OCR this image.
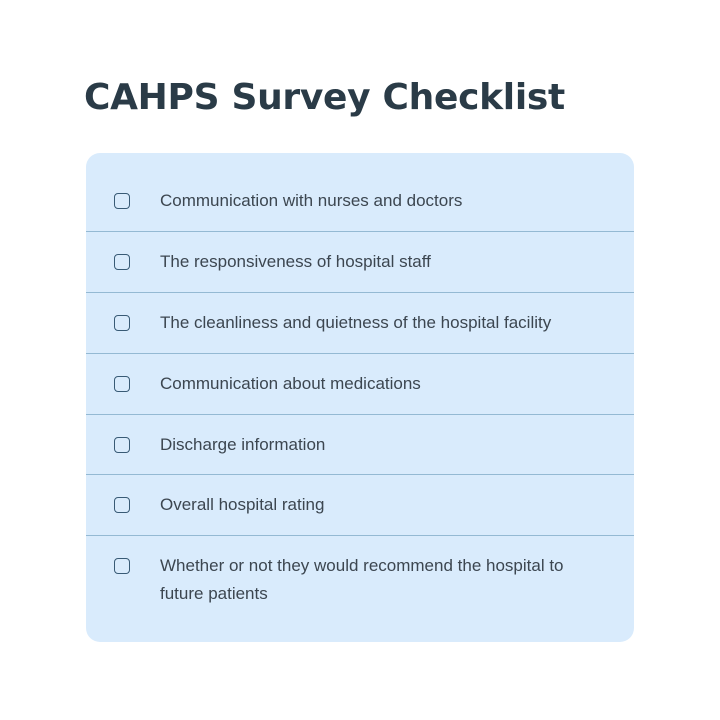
CAHPS Survey Checklist
Communication with nurses and doctors
The responsiveness of hospital staff
The cleanliness and quietness of the hospital facility
Communication about medications
Discharge information
Overall hospital rating
Whether or not they would recommend the hospital to future patients
